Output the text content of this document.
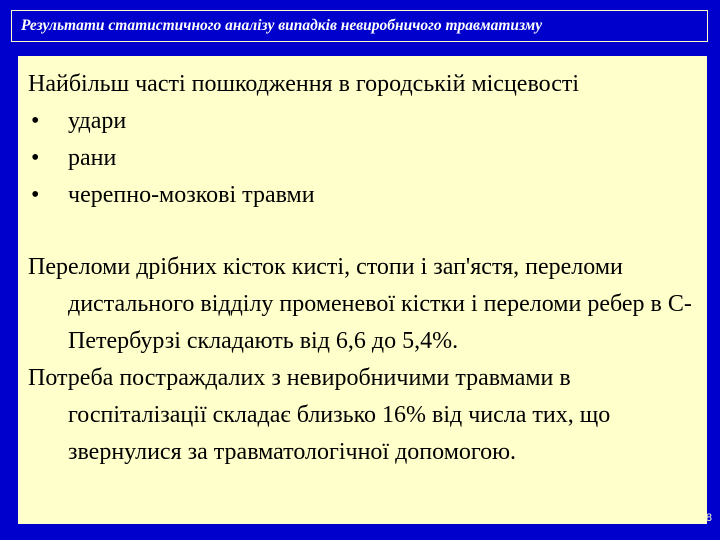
Результати статистичного аналізу випадків невиробничого травматизму

Найбільш часті пошкодження в городській місцевості

• удари
• рани
• черепно-мозкові травми

Переломи дрібних кісток кисті, стопи і зап'ястя, переломи дистального відділу променевої кістки і переломи ребер в С-Петербурзі складають від 6,6 до 5,4%.

Потреба постраждалих з невиробничими травмами в госпіталізації складає близько 16% від числа тих, що звернулися за травматологічної допомогою.

8
